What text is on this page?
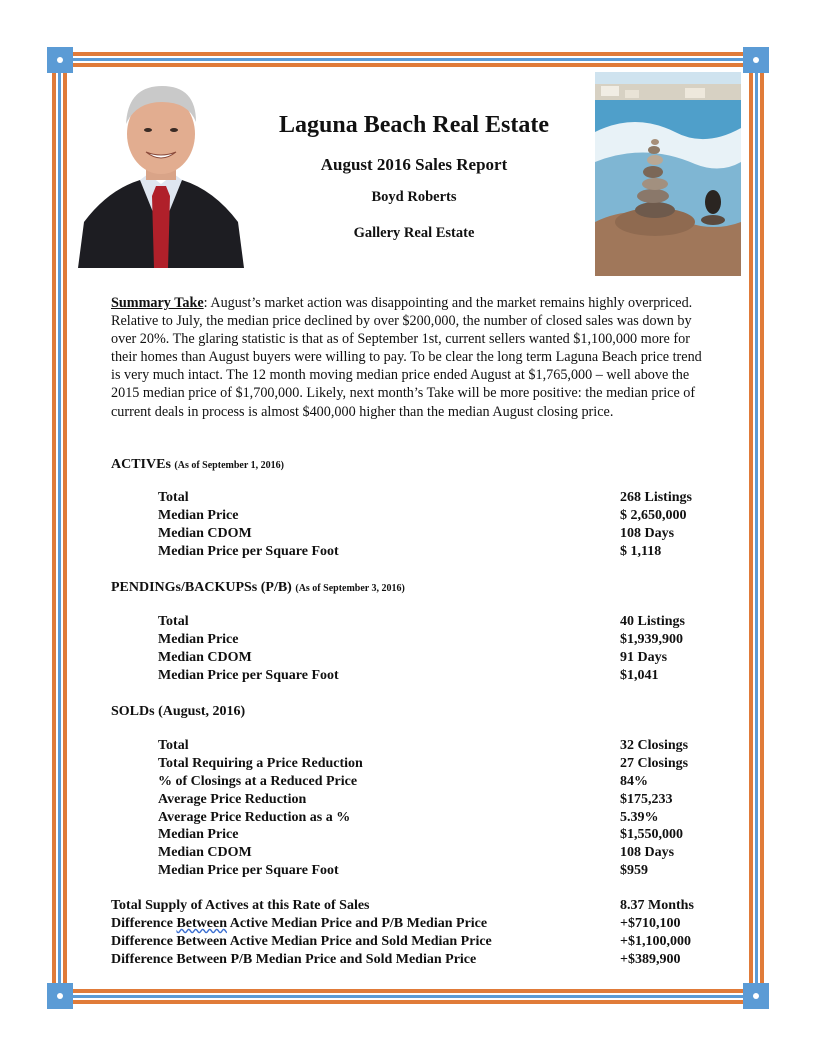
Laguna Beach Real Estate
August 2016 Sales Report
Boyd Roberts
Gallery Real Estate
Summary Take: August’s market action was disappointing and the market remains highly overpriced. Relative to July, the median price declined by over $200,000, the number of closed sales was down by over 20%. The glaring statistic is that as of September 1st, current sellers wanted $1,100,000 more for their homes than August buyers were willing to pay. To be clear the long term Laguna Beach price trend is very much intact. The 12 month moving median price ended August at $1,765,000 – well above the 2015 median price of $1,700,000. Likely, next month’s Take will be more positive: the median price of current deals in process is almost $400,000 higher than the median August closing price.
ACTIVEs (As of September 1, 2016)
Total	268 Listings
Median Price	$ 2,650,000
Median CDOM	108 Days
Median Price per Square Foot	$ 1,118
PENDINGs/BACKUPSs (P/B) (As of September 3, 2016)
Total	40 Listings
Median Price	$1,939,900
Median CDOM	91 Days
Median Price per Square Foot	$1,041
SOLDs (August, 2016)
Total	32 Closings
Total Requiring a Price Reduction	27 Closings
% of Closings at a Reduced Price	84%
Average Price Reduction	$175,233
Average Price Reduction as a %	5.39%
Median Price	$1,550,000
Median CDOM	108 Days
Median Price per Square Foot	$959
Total Supply of Actives at this Rate of Sales	8.37 Months
Difference Between Active Median Price and P/B Median Price	+$710,100
Difference Between Active Median Price and Sold Median Price	+$1,100,000
Difference Between P/B Median Price and Sold Median Price	+$389,900
